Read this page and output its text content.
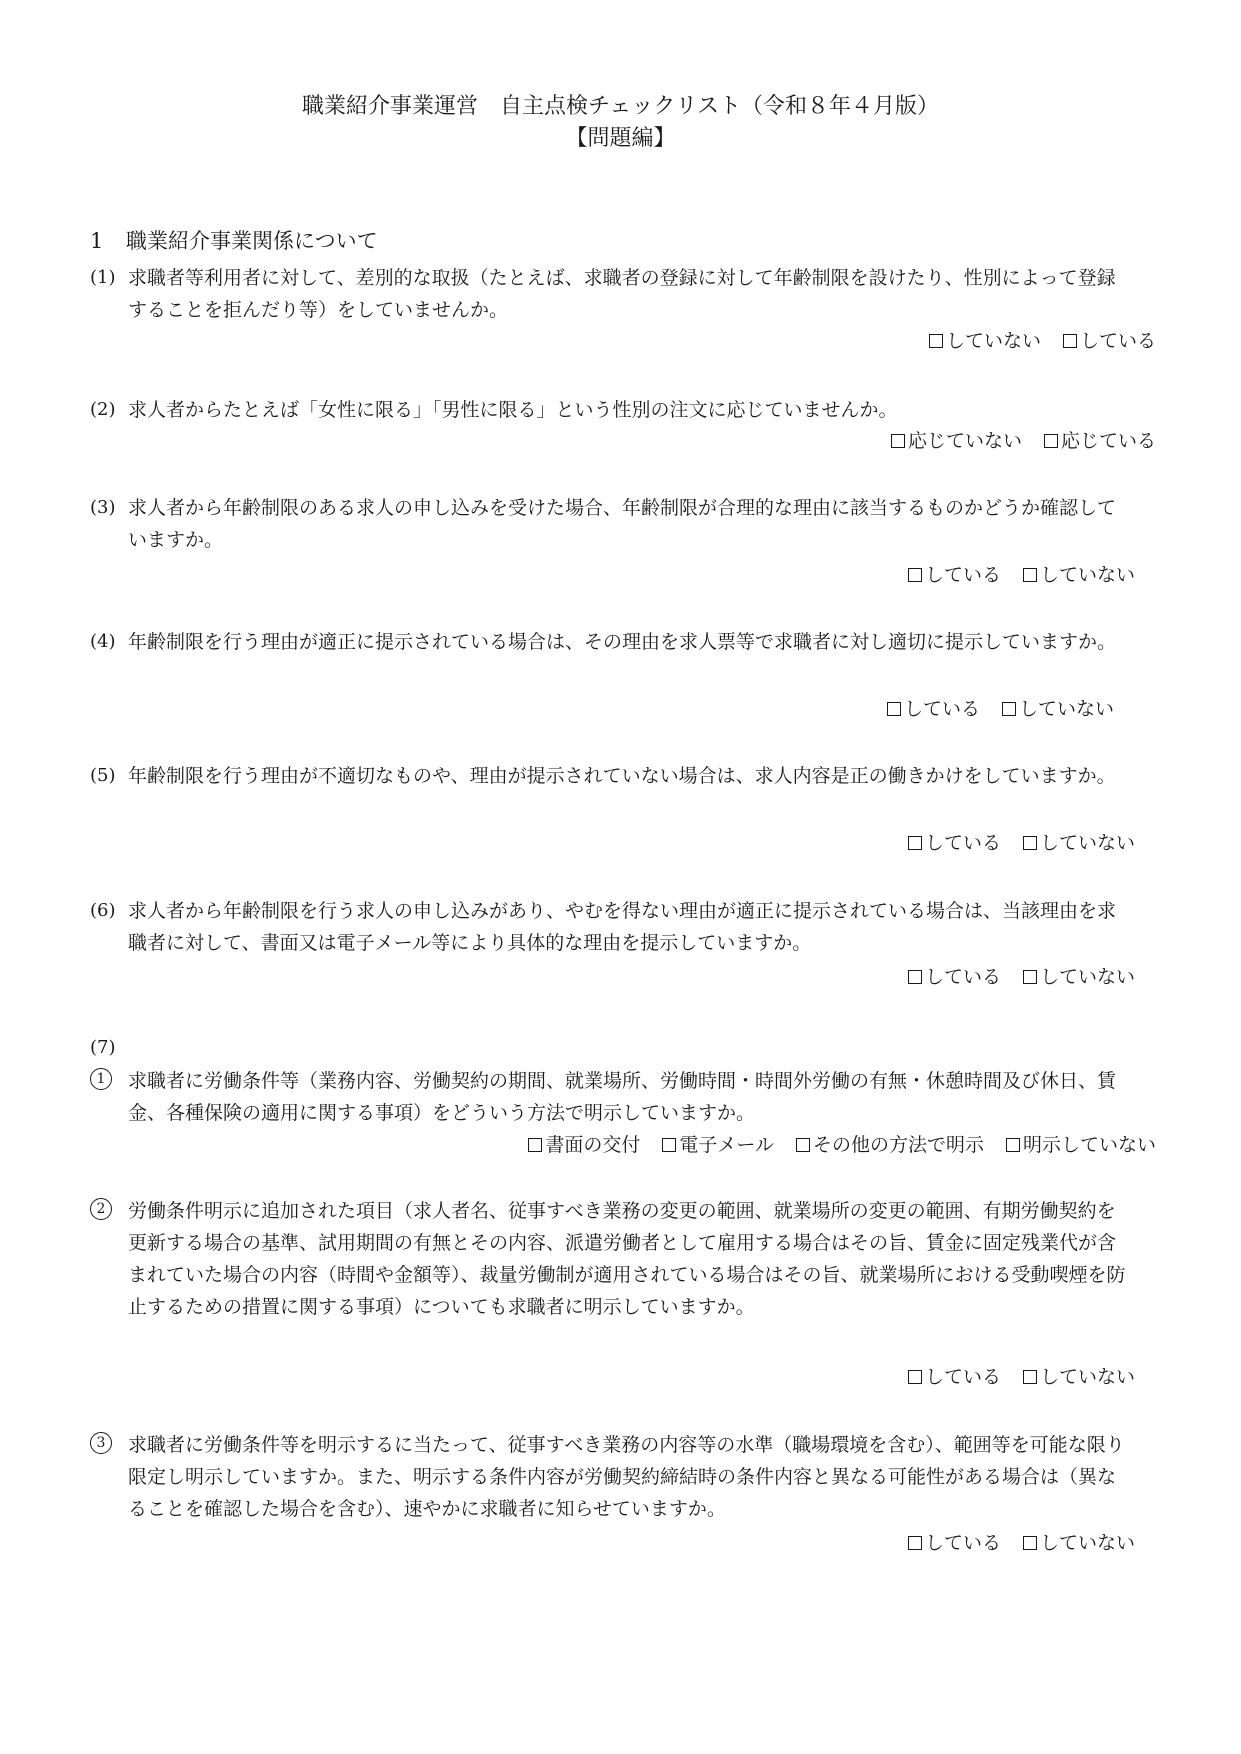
職業紹介事業運営　自主点検チェックリスト（令和８年４月版）
【問題編】
1 職業紹介事業関係について
(1) 求職者等利用者に対して、差別的な取扱（たとえば、求職者の登録に対して年齢制限を設けたり、性別によって登録することを拒んだり等）をしていませんか。
していない している
(2) 求人者からたとえば「女性に限る」「男性に限る」という性別の注文に応じていませんか。
応じていない 応じている
(3) 求人者から年齢制限のある求人の申し込みを受けた場合、年齢制限が合理的な理由に該当するものかどうか確認していますか。
している していない
(4) 年齢制限を行う理由が適正に提示されている場合は、その理由を求人票等で求職者に対し適切に提示していますか。
している していない
(5) 年齢制限を行う理由が不適切なものや、理由が提示されていない場合は、求人内容是正の働きかけをしていますか。
している していない
(6) 求人者から年齢制限を行う求人の申し込みがあり、やむを得ない理由が適正に提示されている場合は、当該理由を求職者に対して、書面又は電子メール等により具体的な理由を提示していますか。
している していない
(7)
1	求職者に労働条件等（業務内容、労働契約の期間、就業場所、労働時間・時間外労働の有無・休憩時間及び休日、賃金、各種保険の適用に関する事項）をどういう方法で明示していますか。
書面の交付 電子メール その他の方法で明示 明示していない
2	労働条件明示に追加された項目（求人者名、従事すべき業務の変更の範囲、就業場所の変更の範囲、有期労働契約を更新する場合の基準、試用期間の有無とその内容、派遣労働者として雇用する場合はその旨、賃金に固定残業代が含まれていた場合の内容（時間や金額等）、裁量労働制が適用されている場合はその旨、就業場所における受動喫煙を防止するための措置に関する事項）についても求職者に明示していますか。
している していない
3	求職者に労働条件等を明示するに当たって、従事すべき業務の内容等の水準（職場環境を含む）、範囲等を可能な限り限定し明示していますか。また、明示する条件内容が労働契約締結時の条件内容と異なる可能性がある場合は（異なることを確認した場合を含む）、速やかに求職者に知らせていますか。
している していない
